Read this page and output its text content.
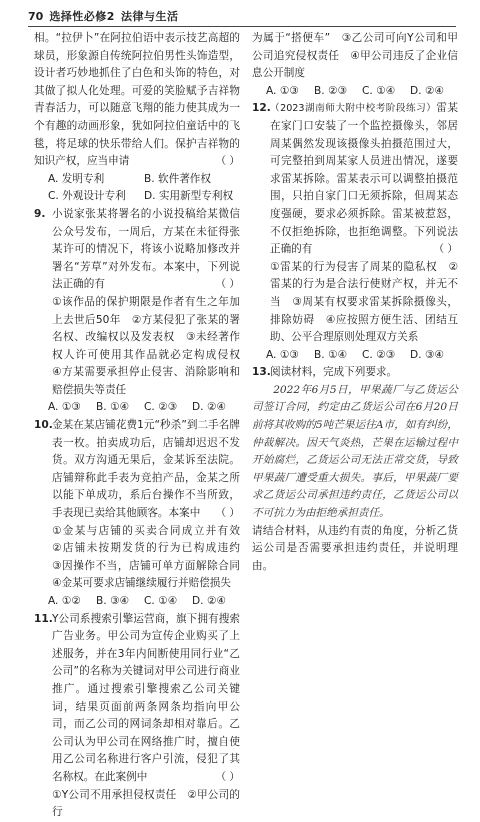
70 选择性必修2 法律与生活

相。“拉伊卜”在阿拉伯语中表示技艺高超的球员，形象源自传统阿拉伯男性头饰造型，设计者巧妙地抓住了白色和头饰的特色，对其做了拟人化处理。可爱的笑脸赋予吉祥物青春活力，可以随意飞翔的能力使其成为一个有趣的动画形象，犹如阿拉伯童话中的飞毯，将足球的快乐带给人们。保护吉祥物的知识产权，应当申请	（ ）

A. 发明专利	B. 软件著作权
C. 外观设计专利	D. 实用新型专利权
9. 小说家张某将署名的小说投稿给某微信公众号发布，一周后，方某在未征得张某许可的情况下，将该小说略加修改并署名“芳草”对外发布。本案中，下列说法正确的有	（ ）

①该作品的保护期限是作者有生之年加上去世后50年　②方某侵犯了张某的署名权、改编权以及发表权　③未经著作权人许可使用其作品就必定构成侵权　④方某需要承担停止侵害、消除影响和赔偿损失等责任

A. ①③	B. ①④	C. ②③	D. ②④
10. 金某在某店铺花费1元“秒杀”到二手名牌表一枚。拍卖成功后，店铺却迟迟不发货。双方沟通无果后，金某诉至法院。店铺辩称此手表为竞拍产品，金某之所以能下单成功，系后台操作不当所致，手表现已卖给其他顾客。本案中 （ ）

①金某与店铺的买卖合同成立并有效　②店铺未按期发货的行为已构成违约　③因操作不当，店铺可单方面解除合同　④金某可要求店铺继续履行并赔偿损失

A. ①②	B. ③④	C. ①④	D. ②④
11. Y公司系搜索引擎运营商，旗下拥有搜索广告业务。甲公司为宣传企业购买了上述服务，并在3年内间断使用同行业“乙公司”的名称为关键词对甲公司进行商业推广。通过搜索引擎搜索乙公司关键词，结果页面前两条网条均指向甲公司，而乙公司的网词条却相对靠后。乙公司认为甲公司在网络推广时，擅自使用乙公司名称进行客户引流，侵犯了其名称权。在此案例中	（ ）

①Y公司不用承担侵权责任　②甲公司的行

为属于“搭便车”　③乙公司可向Y公司和甲公司追究侵权责任　④甲公司违反了企业信息公开制度

A. ①③	B. ②③	C. ①④	D. ②④
12. （2023湖南师大附中校考阶段练习）雷某在家门口安装了一个监控摄像头，邻居周某偶然发现该摄像头拍摄范围过大，可完整拍到周某家人员进出情况，遂要求雷某拆除。雷某表示可以调整拍摄范围，只拍自家门口无须拆除，但周某态度强硬，要求必须拆除。雷某被惹怒，不仅拒绝拆除，也拒绝调整。下列说法正确的有	（ ）

①雷某的行为侵害了周某的隐私权　②雷某的行为是合法行使财产权，并无不当　③周某有权要求雷某拆除摄像头，排除妨碍　④应按照方便生活、团结互助、公平合理原则处理双方关系

A. ①③	B. ①④	C. ②③	D. ③④
13. 阅读材料，完成下列要求。

2022年6月5日，甲果蔬厂与乙货运公司签订合同，约定由乙货运公司在6月20日前将其收购的5吨芒果运往A市，如有纠纷，仲裁解决。因天气炎热，芒果在运输过程中开始腐烂，乙货运公司无法正常交货，导致甲果蔬厂遭受重大损失。事后，甲果蔬厂要求乙货运公司承担违约责任，乙货运公司以不可抗力为由拒绝承担责任。

请结合材料，从违约有责的角度，分析乙货运公司是否需要承担违约责任，并说明理由。
